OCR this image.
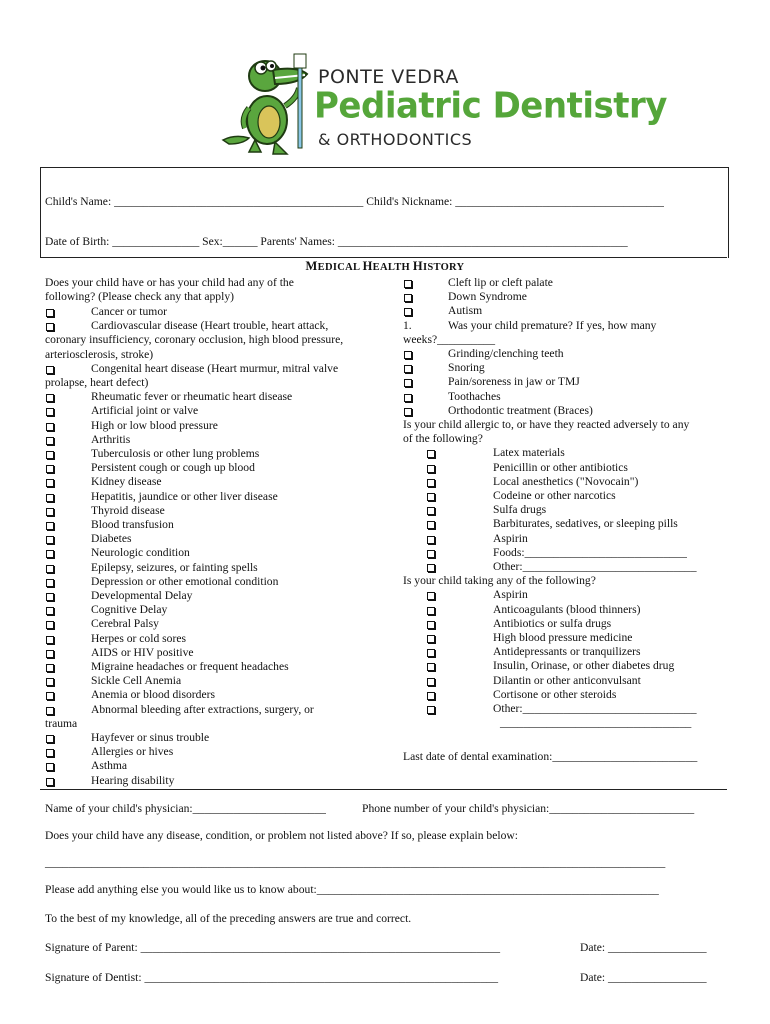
PONTE VEDRA
Pediatric Dentistry
& ORTHODONTICS
Child's Name: ___________________________________________ Child's Nickname: ____________________________________
Date of Birth: _______________ Sex:______ Parents' Names: __________________________________________________
MEDICAL HEALTH HISTORY
Does your child have or has your child had any of the
following? (Please check any that apply)
Cancer or tumor
Cardiovascular disease (Heart trouble, heart attack,
coronary insufficiency, coronary occlusion, high blood pressure,
arteriosclerosis, stroke)
Congenital heart disease (Heart murmur, mitral valve
prolapse, heart defect)
Rheumatic fever or rheumatic heart disease
Artificial joint or valve
High or low blood pressure
Arthritis
Tuberculosis or other lung problems
Persistent cough or cough up blood
Kidney disease
Hepatitis, jaundice or other liver disease
Thyroid disease
Blood transfusion
Diabetes
Neurologic condition
Epilepsy, seizures, or fainting spells
Depression or other emotional condition
Developmental Delay
Cognitive Delay
Cerebral Palsy
Herpes or cold sores
AIDS or HIV positive
Migraine headaches or frequent headaches
Sickle Cell Anemia
Anemia or blood disorders
Abnormal bleeding after extractions, surgery, or
trauma
Hayfever or sinus trouble
Allergies or hives
Asthma
Hearing disability
Cleft lip or cleft palate
Down Syndrome
Autism
1.	Was your child premature? If yes, how many
weeks?__________
Grinding/clenching teeth
Snoring
Pain/soreness in jaw or TMJ
Toothaches
Orthodontic treatment (Braces)
Is your child allergic to, or have they reacted adversely to any
of the following?
Latex materials
Penicillin or other antibiotics
Local anesthetics ("Novocain")
Codeine or other narcotics
Sulfa drugs
Barbiturates, sedatives, or sleeping pills
Aspirin
Foods:____________________________
Other:______________________________
Is your child taking any of the following?
Aspirin
Anticoagulants (blood thinners)
Antibiotics or sulfa drugs
High blood pressure medicine
Antidepressants or tranquilizers
Insulin, Orinase, or other diabetes drug
Dilantin or other anticonvulsant
Cortisone or other steroids
Other:______________________________
_________________________________
Last date of dental examination:_________________________
Name of your child's physician:_______________________	Phone number of your child's physician:_________________________
Does your child have any disease, condition, or problem not listed above? If so, please explain below:
___________________________________________________________________________________________________________
Please add anything else you would like us to know about:___________________________________________________________
To the best of my knowledge, all of the preceding answers are true and correct.
Signature of Parent: ______________________________________________________________	Date: _________________
Signature of Dentist: _____________________________________________________________	Date: _________________
